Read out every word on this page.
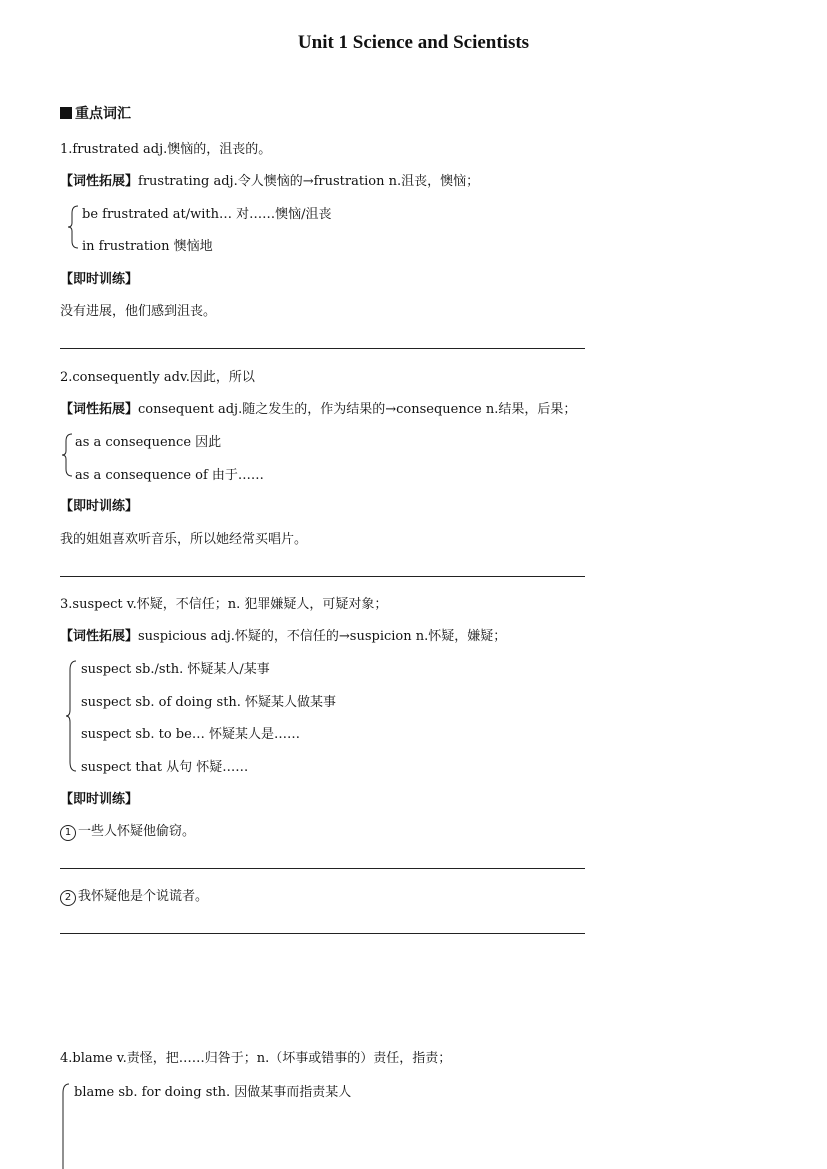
Unit 1 Science and Scientists
重点词汇
1.frustrated adj.懊恼的，沮丧的。
【词性拓展】frustrating adj.令人懊恼的→frustration n.沮丧，懊恼；
be frustrated at/with… 对……懊恼/沮丧
in frustration 懊恼地
【即时训练】
没有进展，他们感到沮丧。
2.consequently adv.因此，所以
【词性拓展】consequent adj.随之发生的，作为结果的→consequence n.结果，后果；
as a consequence 因此
as a consequence of 由于……
【即时训练】
我的姐姐喜欢听音乐，所以她经常买唱片。
3.suspect v.怀疑，不信任；n. 犯罪嫌疑人，可疑对象；
【词性拓展】suspicious adj.怀疑的，不信任的→suspicion n.怀疑，嫌疑；
suspect sb./sth. 怀疑某人/某事
suspect sb. of doing sth. 怀疑某人做某事
suspect sb. to be… 怀疑某人是……
suspect that 从句 怀疑……
【即时训练】
1 一些人怀疑他偷窃。
2 我怀疑他是个说谎者。
4.blame v.责怪，把……归咎于；n.（坏事或错事的）责任，指责；
blame sb. for doing sth. 因做某事而指责某人
